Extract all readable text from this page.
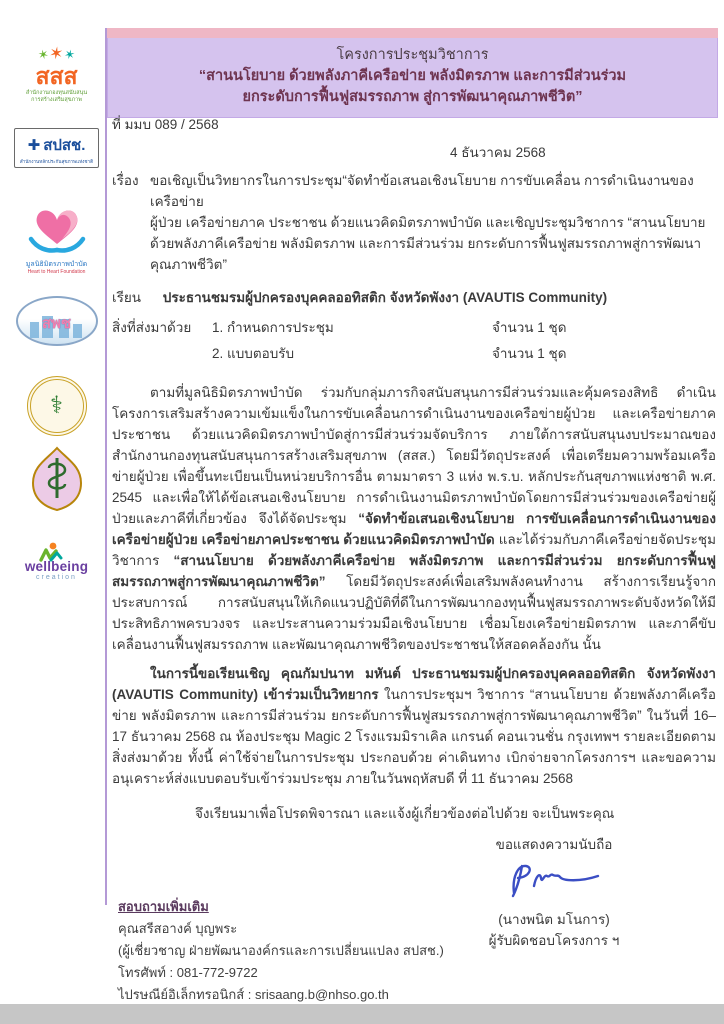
โครงการประชุมวิชาการ
“สานนโยบาย ด้วยพลังภาคีเครือข่าย พลังมิตรภาพ และการมีส่วนร่วม
ยกระดับการฟื้นฟูสมรรถภาพ สู่การพัฒนาคุณภาพชีวิต”
✶✶✶
สสส
สำนักงานกองทุนสนับสนุน
การสร้างเสริมสุขภาพ
✚ สปสช.
สำนักงานหลักประกันสุขภาพแห่งชาติ
มูลนิธิมิตรภาพบำบัด
Heart to Heart Foundation
สพช
⚕
wellbeing
creation
ที่ มมบ 089 / 2568
4 ธันวาคม 2568
เรื่อง ขอเชิญเป็นวิทยากรในการประชุม“จัดทำข้อเสนอเชิงนโยบาย การขับเคลื่อน การดำเนินงานของเครือข่าย
ผู้ป่วย เครือข่ายภาค ประชาชน ด้วยแนวคิดมิตรภาพบำบัด และเชิญประชุมวิชาการ “สานนโยบาย
ด้วยพลังภาคีเครือข่าย พลังมิตรภาพ และการมีส่วนร่วม ยกระดับการฟื้นฟูสมรรถภาพสู่การพัฒนาคุณภาพชีวิต”
เรียน ประธานชมรมผู้ปกครองบุคคลออทิสติก จังหวัดพังงา (AVAUTIS Community)
สิ่งที่ส่งมาด้วย	1. กำหนดการประชุม	จำนวน 1 ชุด
2. แบบตอบรับ	จำนวน 1 ชุด

ตามที่มูลนิธิมิตรภาพบำบัด ร่วมกับกลุ่มภารกิจสนับสนุนการมีส่วนร่วมและคุ้มครองสิทธิ ดำเนินโครงการเสริมสร้างความเข้มแข็งในการขับเคลื่อนการดำเนินงานของเครือข่ายผู้ป่วย และเครือข่ายภาคประชาชน ด้วยแนวคิดมิตรภาพบำบัดสู่การมีส่วนร่วมจัดบริการ ภายใต้การสนับสนุนงบประมาณของสำนักงานกองทุนสนับสนุนการสร้างเสริมสุขภาพ (สสส.) โดยมีวัตถุประสงค์ เพื่อเตรียมความพร้อมเครือข่ายผู้ป่วย เพื่อขึ้นทะเบียนเป็นหน่วยบริการอื่น ตามมาตรา 3 แห่ง พ.ร.บ. หลักประกันสุขภาพแห่งชาติ พ.ศ. 2545 และเพื่อให้ได้ข้อเสนอเชิงนโยบาย การดำเนินงานมิตรภาพบำบัดโดยการมีส่วนร่วมของเครือข่ายผู้ป่วยและภาคีที่เกี่ยวข้อง จึงได้จัดประชุม “จัดทำข้อเสนอเชิงนโยบาย การขับเคลื่อนการดำเนินงานของเครือข่ายผู้ป่วย เครือข่ายภาคประชาชน ด้วยแนวคิดมิตรภาพบำบัด และได้ร่วมกับภาคีเครือข่ายจัดประชุมวิชาการ “สานนโยบาย ด้วยพลังภาคีเครือข่าย พลังมิตรภาพ และการมีส่วนร่วม ยกระดับการฟื้นฟูสมรรถภาพสู่การพัฒนาคุณภาพชีวิต” โดยมีวัตถุประสงค์เพื่อเสริมพลังคนทำงาน สร้างการเรียนรู้จากประสบการณ์ การสนับสนุนให้เกิดแนวปฏิบัติที่ดีในการพัฒนากองทุนฟื้นฟูสมรรถภาพระดับจังหวัดให้มีประสิทธิภาพครบวงจร และประสานความร่วมมือเชิงนโยบาย เชื่อมโยงเครือข่ายมิตรภาพ และภาคีขับเคลื่อนงานฟื้นฟูสมรรถภาพ และพัฒนาคุณภาพชีวิตของประชาชนให้สอดคล้องกัน นั้น

ในการนี้ขอเรียนเชิญ คุณกัมปนาท มหันต์ ประธานชมรมผู้ปกครองบุคคลออทิสติก จังหวัดพังงา (AVAUTIS Community) เข้าร่วมเป็นวิทยากร ในการประชุมฯ วิชาการ “สานนโยบาย ด้วยพลังภาคีเครือข่าย พลังมิตรภาพ และการมีส่วนร่วม ยกระดับการฟื้นฟูสมรรถภาพสู่การพัฒนาคุณภาพชีวิต” ในวันที่ 16–17 ธันวาคม 2568 ณ ห้องประชุม Magic 2 โรงแรมมิราเคิล แกรนด์ คอนเวนชั่น กรุงเทพฯ รายละเอียดตามสิ่งส่งมาด้วย ทั้งนี้ ค่าใช้จ่ายในการประชุม ประกอบด้วย ค่าเดินทาง เบิกจ่ายจากโครงการฯ และขอความอนุเคราะห์ส่งแบบตอบรับเข้าร่วมประชุม ภายในวันพฤหัสบดี ที่ 11 ธันวาคม 2568

จึงเรียนมาเพื่อโปรดพิจารณา และแจ้งผู้เกี่ยวข้องต่อไปด้วย จะเป็นพระคุณ
ขอแสดงความนับถือ
(นางพนิต มโนการ)
ผู้รับผิดชอบโครงการ ฯ
สอบถามเพิ่มเติม
คุณสรีสอางค์ บุญพระ
(ผู้เชี่ยวชาญ ฝ่ายพัฒนาองค์กรและการเปลี่ยนแปลง สปสช.)
โทรศัพท์ : 081-772-9722
ไปรษณีย์อิเล็กทรอนิกส์ : srisaang.b@nhso.go.th
